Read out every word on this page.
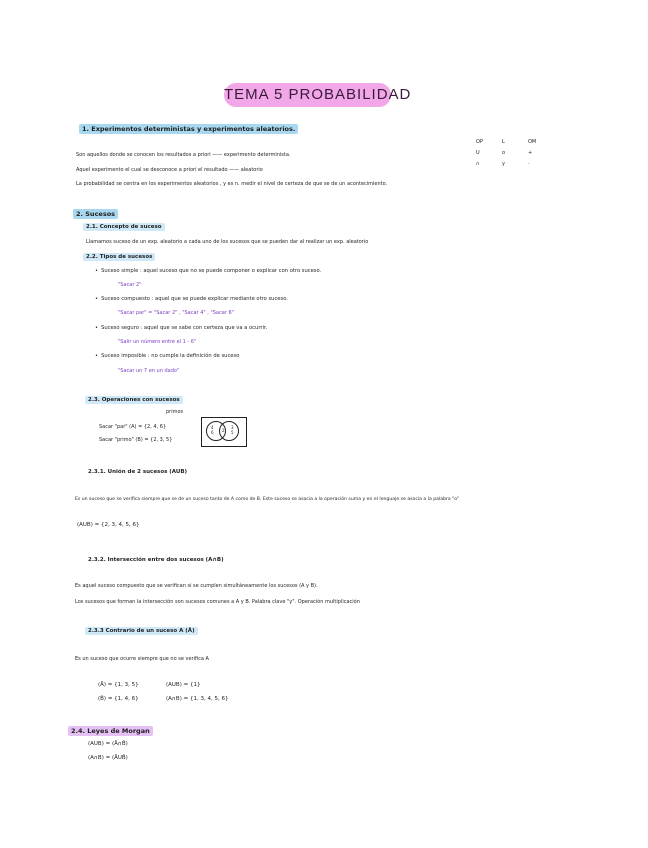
TEMA 5 PROBABILIDAD
1. Experimentos deterministas y experimentos aleatorios.
Son aquellos donde se conocen los resultados a priori —— experimento determinista.
Aquel experimento el cual se desconoce a priori el resultado —— aleatorio
La probabilidad se centra en los experimentos aleatorios , y es n. medir el nivel de certeza de que se de un acontecimiento.
OP	L	OM
U	o	+
∩	y	·
2. Sucesos
2.1. Concepto de suceso
Llamamos suceso de un exp. aleatorio a cada uno de los sucesos que se pueden dar al realizar un exp. aleatorio
2.2. Tipos de sucesos
• Suceso simple : aquel suceso que no se puede componer o explicar con otro suceso.
"Sacar 2"
• Suceso compuesto : aquel que se puede explicar mediante otro suceso.
"Sacar par" = "Sacar 2" , "Sacar 4" , "Sacar 6"
• Suceso seguro : aquel que se sabe con certeza que va a ocurrir.
"Salir un número entre el 1 - 6"
• Suceso imposible : no cumple la definición de suceso
"Sacar un 7 en un dado"
2.3. Operaciones con sucesos
primos
Sacar "par" (A) = {2, 4, 6}
Sacar "primo" (B) = {2, 3, 5}
4
6 2
3
5
2.3.1. Unión de 2 sucesos (AUB)
Es un suceso que se verifica siempre que se de un suceso tanto de A como de B. Este suceso se asocia a la operación suma y en el lenguaje se asocia a la palabra "o"
(AUB) = {2, 3, 4, 5, 6}
2.3.2. Intersección entre dos sucesos (A∩B)
Es aquel suceso compuesto que se verifican si se cumplen simultáneamente los sucesos (A y B).
Los sucesos que forman la intersección son sucesos comunes a A y B. Palabra clave "y". Operación multiplicación
2.3.3 Contrario de un suceso A (Ā)
Es un suceso que ocurre siempre que no se verifica A
(Ā) = {1, 3, 5}	(AUB) = {1}
(B̄) = {1, 4, 6}	(A∩B) = {1, 3, 4, 5, 6}
2.4. Leyes de Morgan
(AUB) = (Ā∩B̄)
(A∩B) = (ĀUB̄)
